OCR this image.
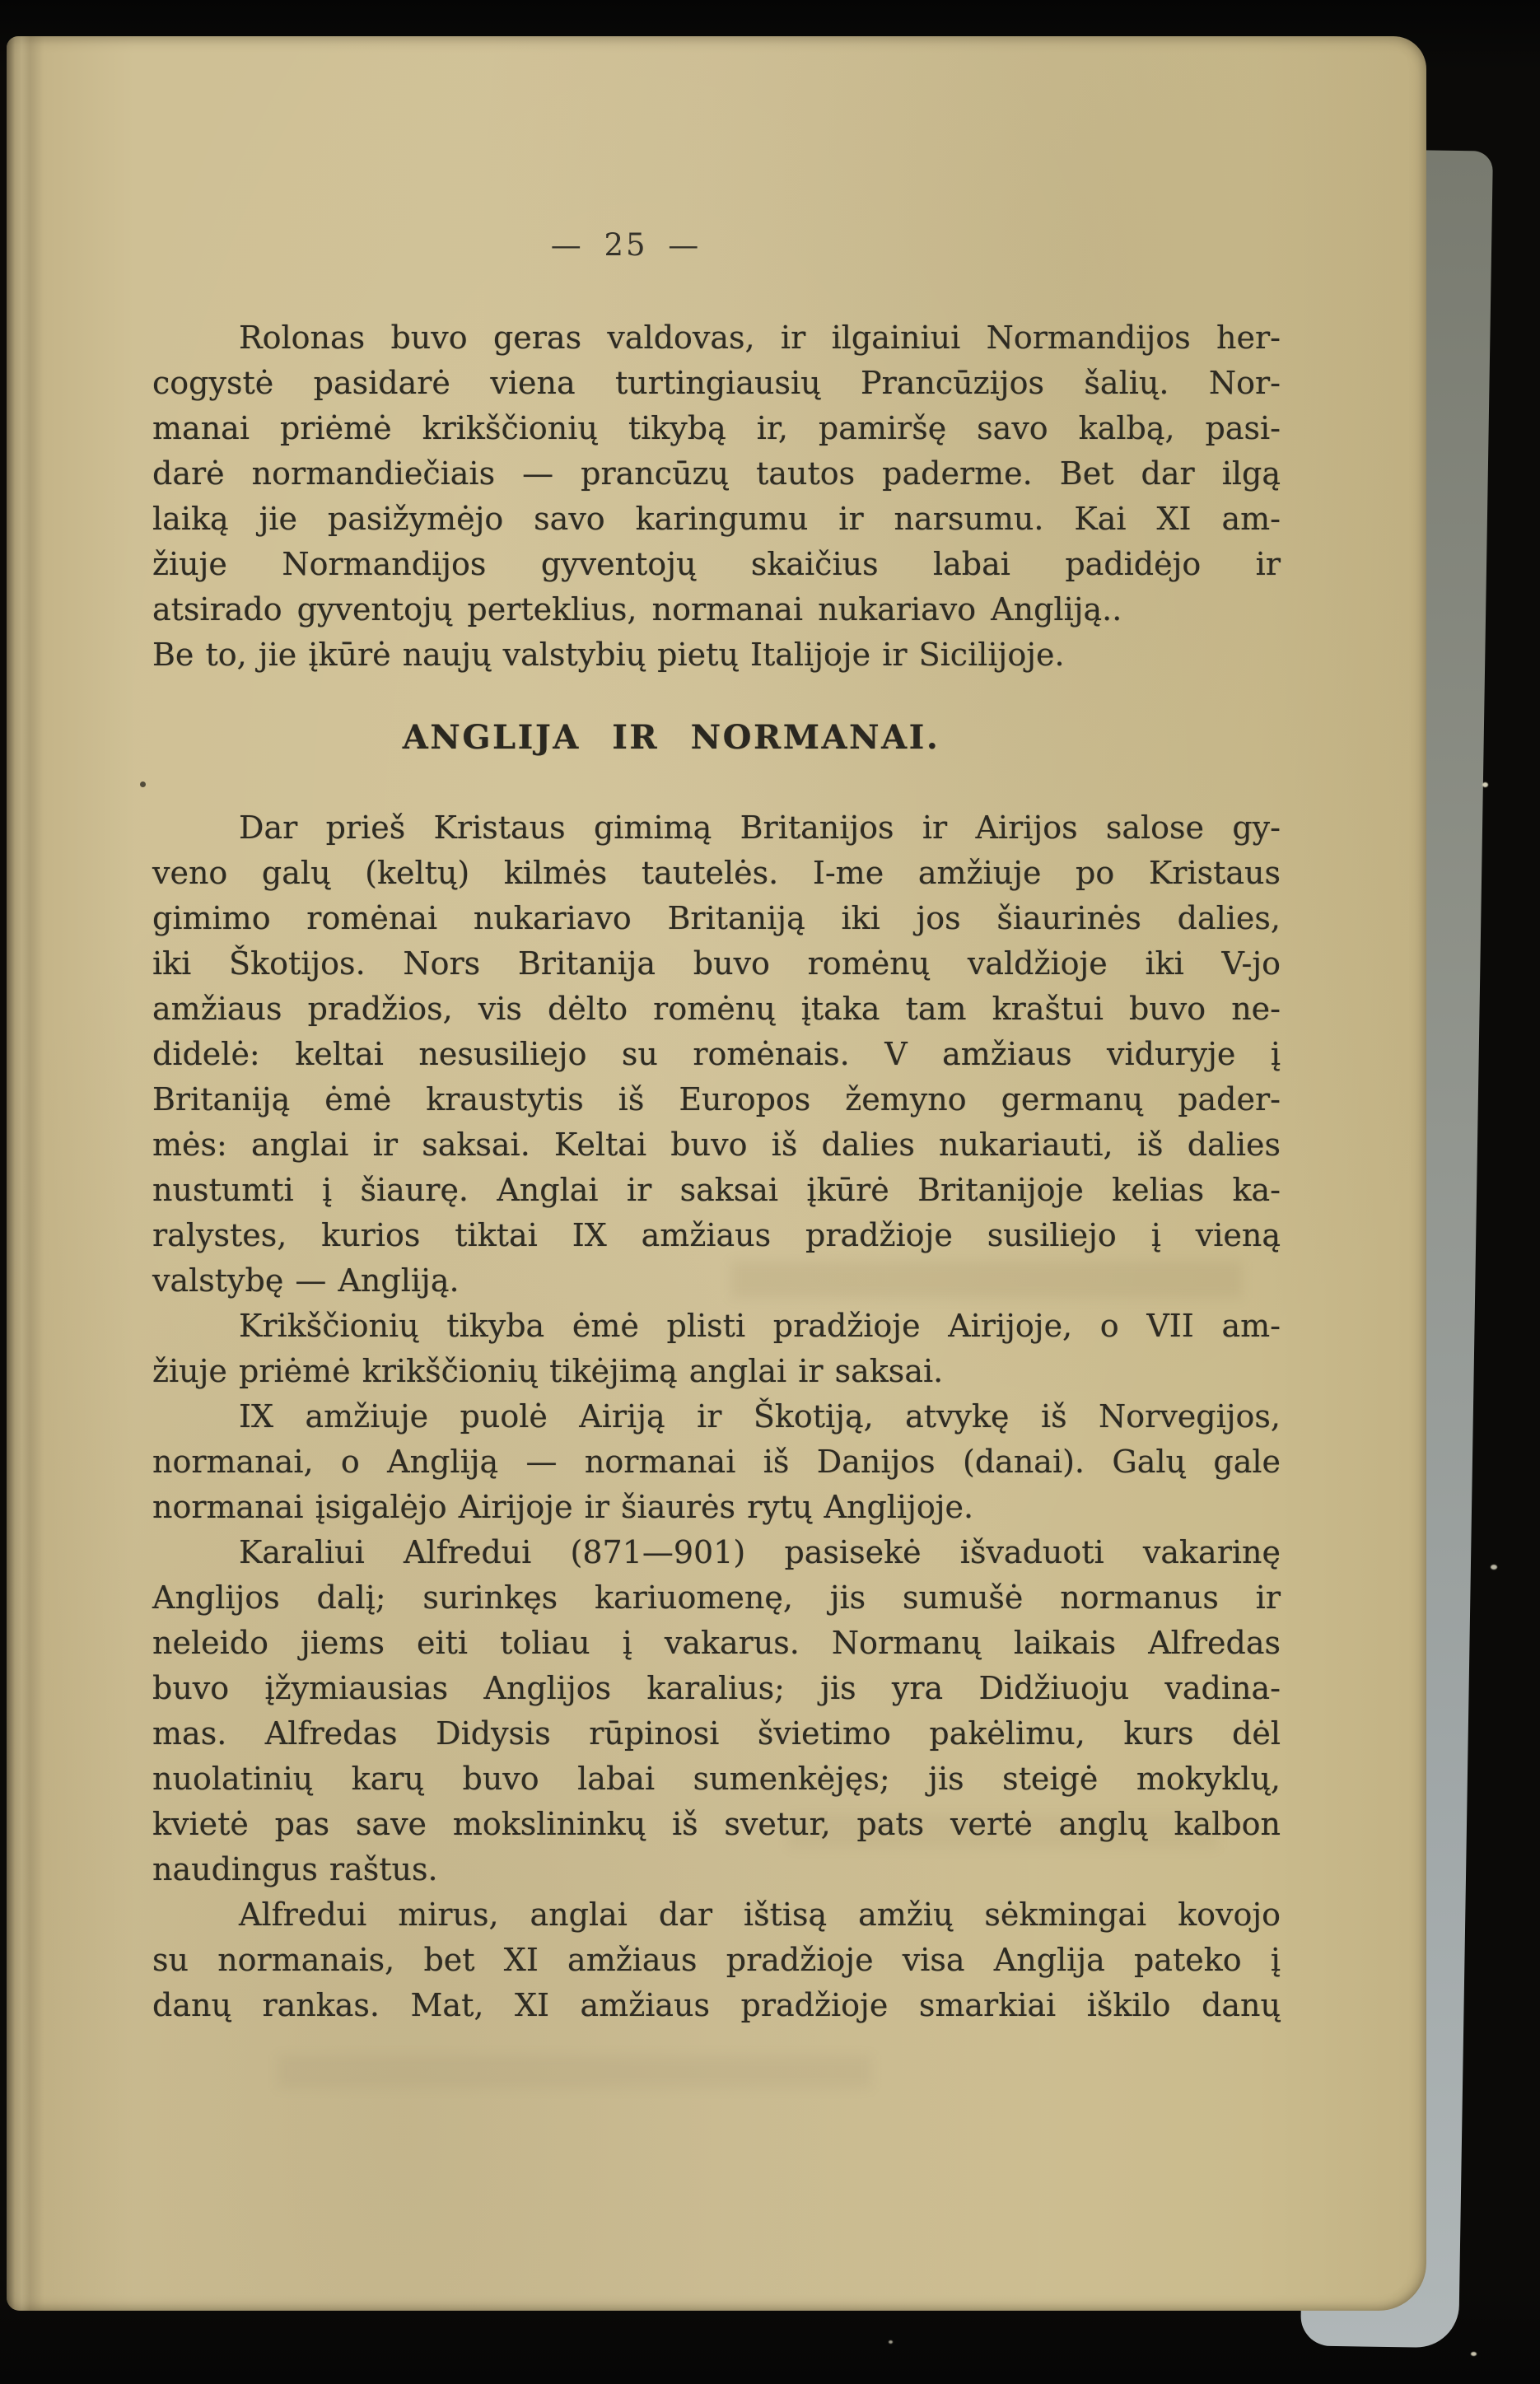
— 25 —
Rolonas buvo geras valdovas, ir ilgainiui Normandijos her-
cogystė pasidarė viena turtingiausių Prancūzijos šalių. Nor-
manai priėmė krikščionių tikybą ir, pamiršę savo kalbą, pasi-
darė normandiečiais — prancūzų tautos paderme. Bet dar ilgą
laiką jie pasižymėjo savo karingumu ir narsumu. Kai XI am-
žiuje Normandijos gyventojų skaičius labai padidėjo ir
atsirado gyventojų perteklius, normanai nukariavo Angliją..
Be to, jie įkūrė naujų valstybių pietų Italijoje ir Sicilijoje.
ANGLIJA IR NORMANAI.
Dar prieš Kristaus gimimą Britanijos ir Airijos salose gy-
veno galų (keltų) kilmės tautelės. I-me amžiuje po Kristaus
gimimo romėnai nukariavo Britaniją iki jos šiaurinės dalies,
iki Škotijos. Nors Britanija buvo romėnų valdžioje iki V-jo
amžiaus pradžios, vis dėlto romėnų įtaka tam kraštui buvo ne-
didelė: keltai nesusiliejo su romėnais. V amžiaus viduryje į
Britaniją ėmė kraustytis iš Europos žemyno germanų pader-
mės: anglai ir saksai. Keltai buvo iš dalies nukariauti, iš dalies
nustumti į šiaurę. Anglai ir saksai įkūrė Britanijoje kelias ka-
ralystes, kurios tiktai IX amžiaus pradžioje susiliejo į vieną
valstybę — Angliją.
Krikščionių tikyba ėmė plisti pradžioje Airijoje, o VII am-
žiuje priėmė krikščionių tikėjimą anglai ir saksai.
IX amžiuje puolė Airiją ir Škotiją, atvykę iš Norvegijos,
normanai, o Angliją — normanai iš Danijos (danai). Galų gale
normanai įsigalėjo Airijoje ir šiaurės rytų Anglijoje.
Karaliui Alfredui (871—901) pasisekė išvaduoti vakarinę
Anglijos dalį; surinkęs kariuomenę, jis sumušė normanus ir
neleido jiems eiti toliau į vakarus. Normanų laikais Alfredas
buvo įžymiausias Anglijos karalius; jis yra Didžiuoju vadina-
mas. Alfredas Didysis rūpinosi švietimo pakėlimu, kurs dėl
nuolatinių karų buvo labai sumenkėjęs; jis steigė mokyklų,
kvietė pas save mokslininkų iš svetur, pats vertė anglų kalbon
naudingus raštus.
Alfredui mirus, anglai dar ištisą amžių sėkmingai kovojo
su normanais, bet XI amžiaus pradžioje visa Anglija pateko į
danų rankas. Mat, XI amžiaus pradžioje smarkiai iškilo danų
